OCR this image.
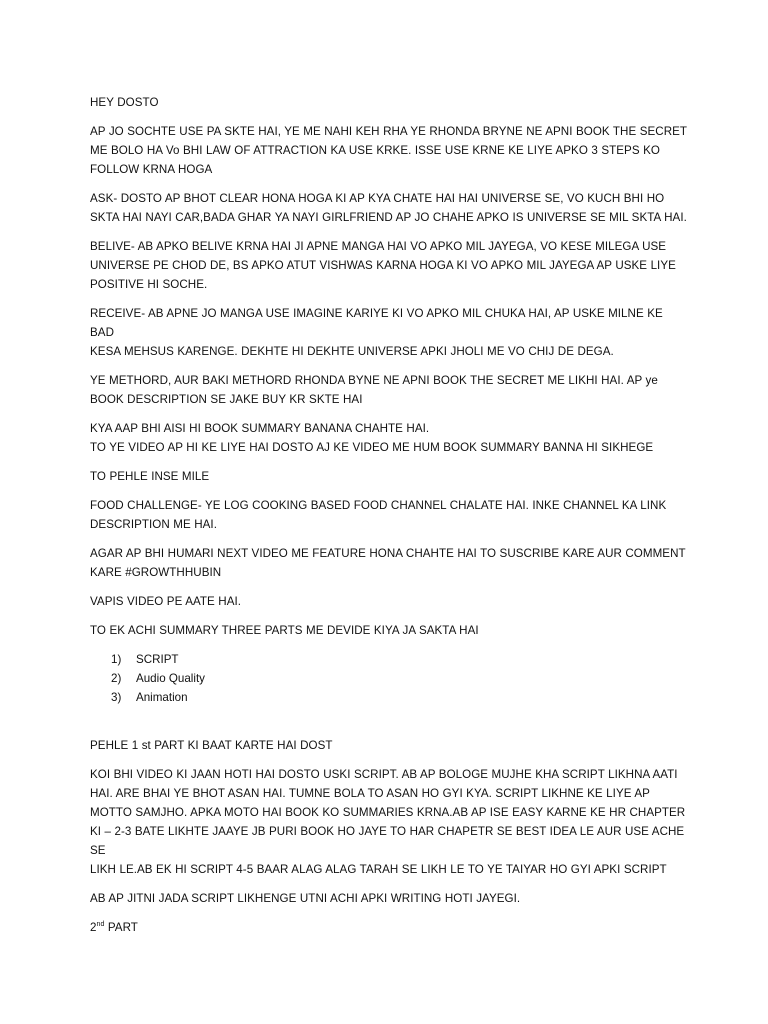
HEY DOSTO

AP JO SOCHTE USE PA SKTE HAI, YE ME NAHI KEH RHA YE RHONDA BRYNE NE APNI BOOK THE SECRET
ME BOLO HA Vo BHI LAW OF ATTRACTION KA USE KRKE. ISSE USE KRNE KE LIYE APKO 3 STEPS KO
FOLLOW KRNA HOGA

ASK- DOSTO AP BHOT CLEAR HONA HOGA KI AP KYA CHATE HAI HAI UNIVERSE SE, VO KUCH BHI HO
SKTA HAI NAYI CAR,BADA GHAR YA NAYI GIRLFRIEND AP JO CHAHE APKO IS UNIVERSE SE MIL SKTA HAI.

BELIVE- AB APKO BELIVE KRNA HAI JI APNE MANGA HAI VO APKO MIL JAYEGA, VO KESE MILEGA USE
UNIVERSE PE CHOD DE, BS APKO ATUT VISHWAS KARNA HOGA KI VO APKO MIL JAYEGA AP USKE LIYE
POSITIVE HI SOCHE.

RECEIVE- AB APNE JO MANGA USE IMAGINE KARIYE KI VO APKO MIL CHUKA HAI, AP USKE MILNE KE BAD
KESA MEHSUS KARENGE. DEKHTE HI DEKHTE UNIVERSE APKI JHOLI ME VO CHIJ DE DEGA.

YE METHORD, AUR BAKI METHORD RHONDA BYNE NE APNI BOOK THE SECRET ME LIKHI HAI. AP ye
BOOK DESCRIPTION SE JAKE BUY KR SKTE HAI

KYA AAP BHI AISI HI BOOK SUMMARY BANANA CHAHTE HAI.
TO YE VIDEO AP HI KE LIYE HAI DOSTO AJ KE VIDEO ME HUM BOOK SUMMARY BANNA HI SIKHEGE

TO PEHLE INSE MILE

FOOD CHALLENGE- YE LOG COOKING BASED FOOD CHANNEL CHALATE HAI. INKE CHANNEL KA LINK
DESCRIPTION ME HAI.

AGAR AP BHI HUMARI NEXT VIDEO ME FEATURE HONA CHAHTE HAI TO SUSCRIBE KARE AUR COMMENT
KARE #GROWTHHUBIN

VAPIS VIDEO PE AATE HAI.

TO EK ACHI SUMMARY THREE PARTS ME DEVIDE KIYA JA SAKTA HAI

1)	SCRIPT
2)	Audio Quality
3)	Animation

PEHLE 1 st PART KI BAAT KARTE HAI DOST

KOI BHI VIDEO KI JAAN HOTI HAI DOSTO USKI SCRIPT. AB AP BOLOGE MUJHE KHA SCRIPT LIKHNA AATI
HAI. ARE BHAI YE BHOT ASAN HAI. TUMNE BOLA TO ASAN HO GYI KYA. SCRIPT LIKHNE KE LIYE AP
MOTTO SAMJHO. APKA MOTO HAI BOOK KO SUMMARIES KRNA.AB AP ISE EASY KARNE KE HR CHAPTER
KI – 2-3 BATE LIKHTE JAAYE JB PURI BOOK HO JAYE TO HAR CHAPETR SE BEST IDEA LE AUR USE ACHE SE
LIKH LE.AB EK HI SCRIPT 4-5 BAAR ALAG ALAG TARAH SE LIKH LE TO YE TAIYAR HO GYI APKI SCRIPT

AB AP JITNI JADA SCRIPT LIKHENGE UTNI ACHI APKI WRITING HOTI JAYEGI.

2nd PART
